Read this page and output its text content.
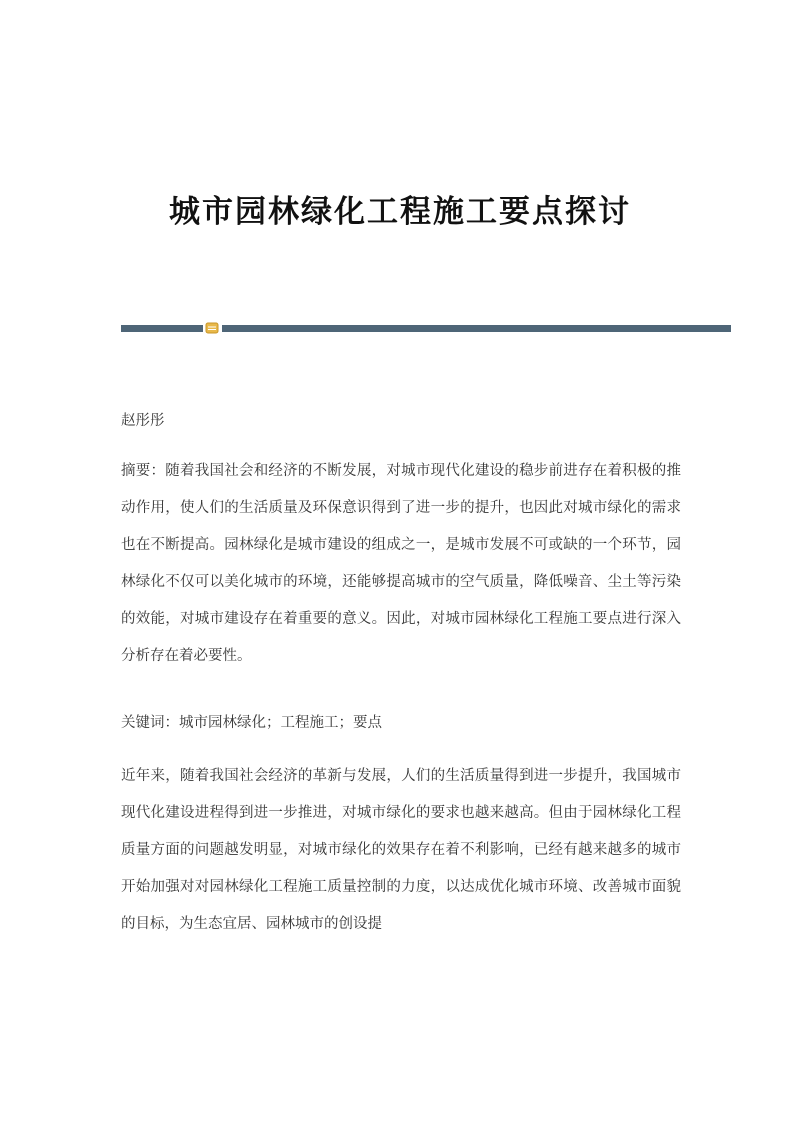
城市园林绿化工程施工要点探讨
赵彤彤
摘要：随着我国社会和经济的不断发展，对城市现代化建设的稳步前进存在着积极的推动作用，使人们的生活质量及环保意识得到了进一步的提升，也因此对城市绿化的需求也在不断提高。园林绿化是城市建设的组成之一，是城市发展不可或缺的一个环节，园林绿化不仅可以美化城市的环境，还能够提高城市的空气质量，降低噪音、尘土等污染的效能，对城市建设存在着重要的意义。因此，对城市园林绿化工程施工要点进行深入分析存在着必要性。
关键词：城市园林绿化；工程施工；要点
近年来，随着我国社会经济的革新与发展，人们的生活质量得到进一步提升，我国城市现代化建设进程得到进一步推进，对城市绿化的要求也越来越高。但由于园林绿化工程质量方面的问题越发明显，对城市绿化的效果存在着不利影响，已经有越来越多的城市开始加强对对园林绿化工程施工质量控制的力度，以达成优化城市环境、改善城市面貌的目标，为生态宜居、园林城市的创设提
